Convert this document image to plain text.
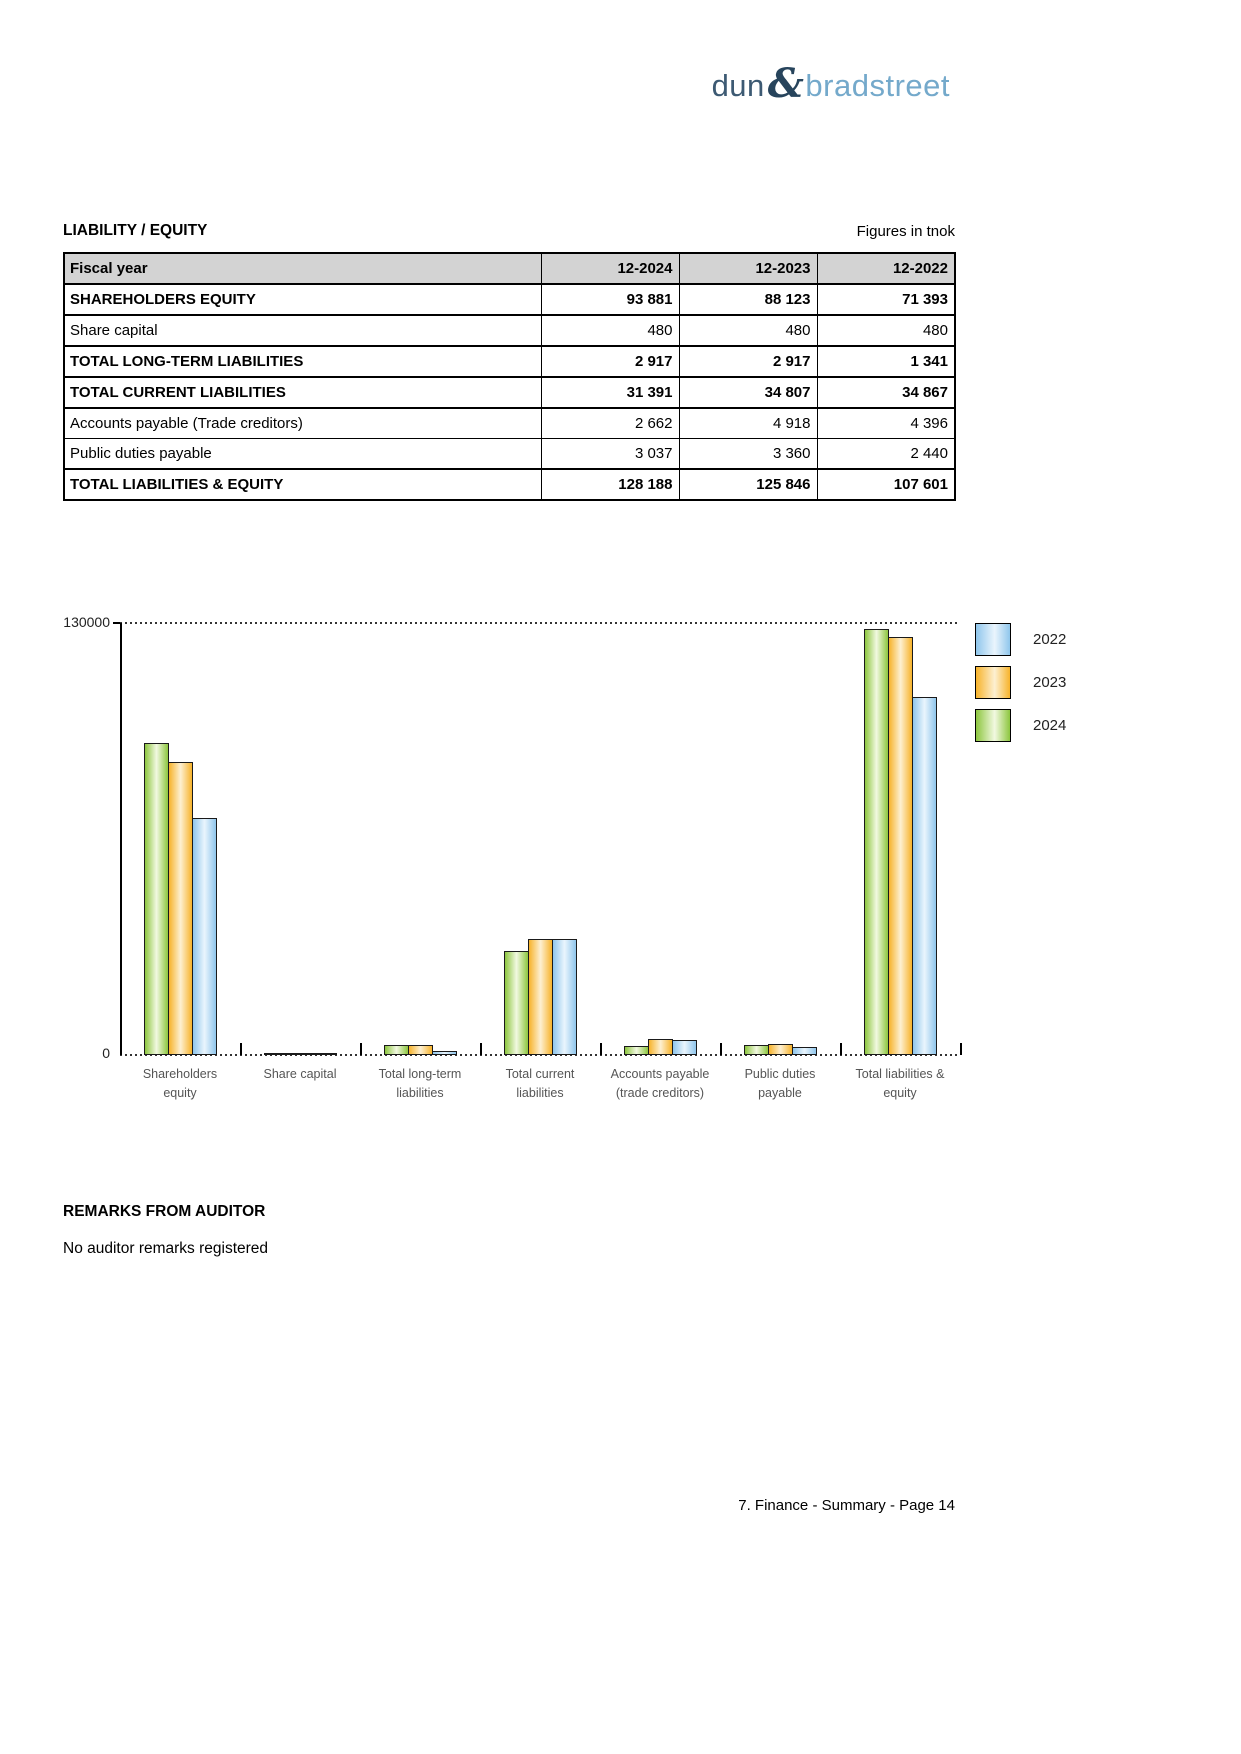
dun & bradstreet
LIABILITY / EQUITY	Figures in tnok
Fiscal year	12-2024	12-2023	12-2022
SHAREHOLDERS EQUITY	93 881	88 123	71 393
Share capital	480	480	480
TOTAL LONG-TERM LIABILITIES	2 917	2 917	1 341
TOTAL CURRENT LIABILITIES	31 391	34 807	34 867
Accounts payable (Trade creditors)	2 662	4 918	4 396
Public duties payable	3 037	3 360	2 440
TOTAL LIABILITIES & EQUITY	128 188	125 846	107 601
130000
0
Shareholders
equity
Share capital	Total long-term
liabilities
Total current
liabilities
Accounts payable
(trade creditors)
Public duties
payable
Total liabilities &
equity
2022
2023
2024
REMARKS FROM AUDITOR
No auditor remarks registered
7. Finance - Summary - Page 14
